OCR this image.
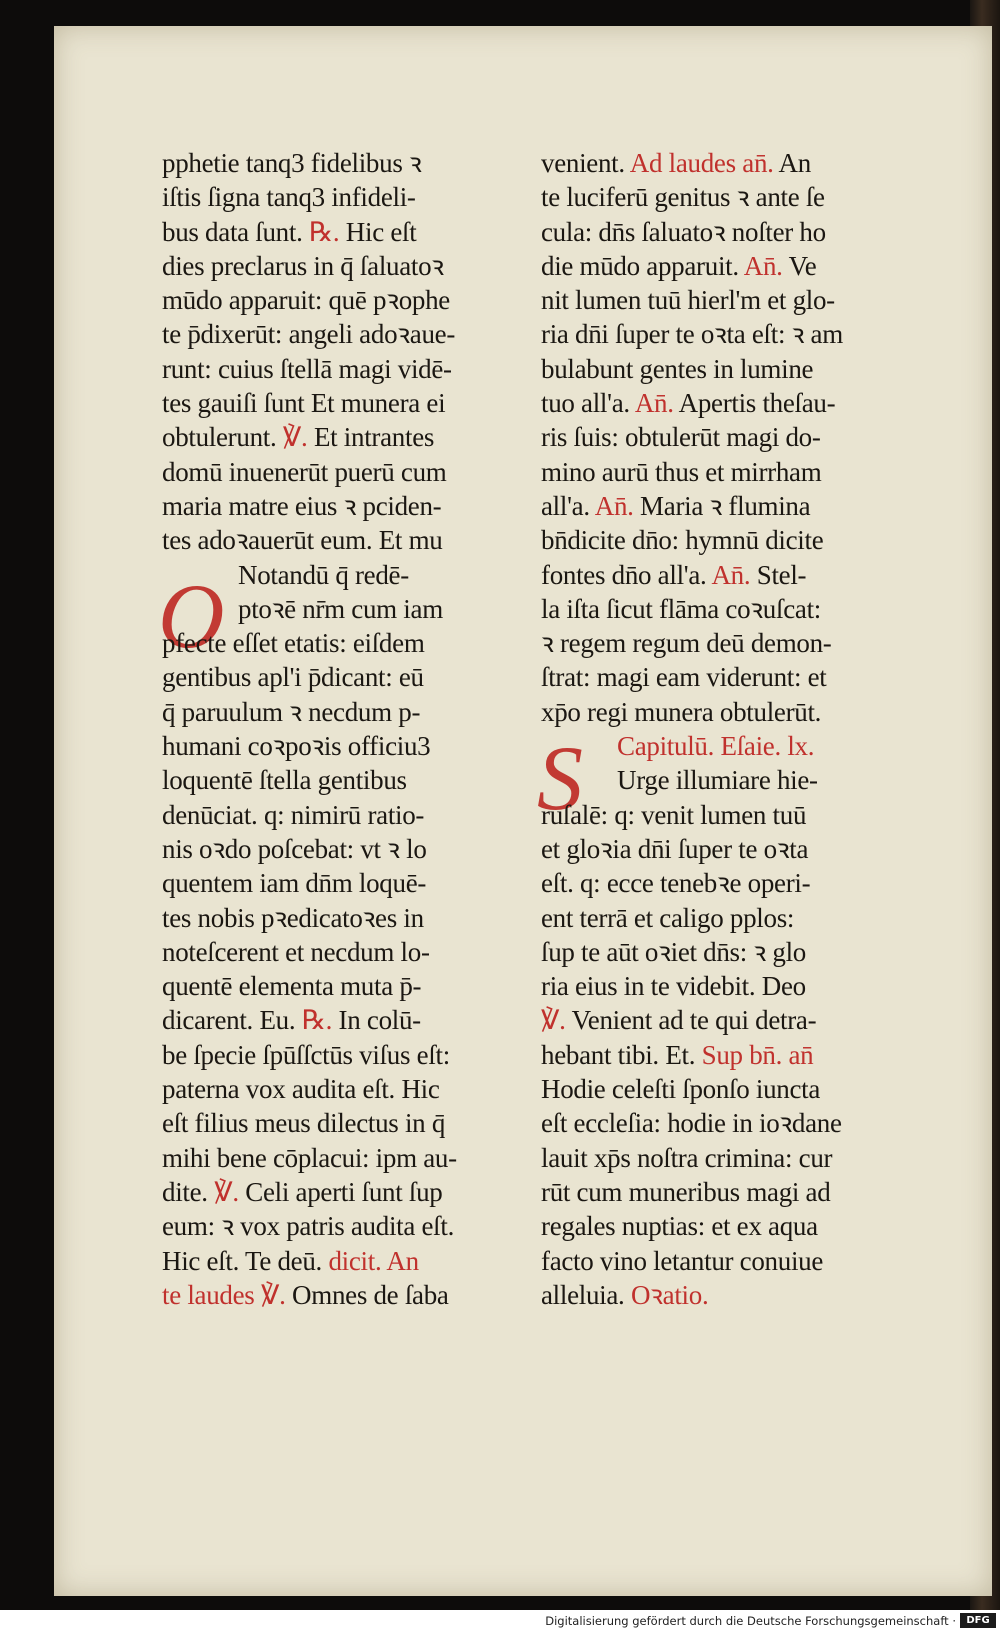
O
S
pphetie tanq3 fidelibus ꝛ
iſtis ſigna tanq3 infideli-
bus data ſunt. ℞. Hic eſt
dies preclarus in q̄ ſaluatoꝛ
mūdo apparuit: quē pꝛophe
te p̄dixerūt: angeli adoꝛaue-
runt: cuius ſtellā magi vidē-
tes gauiſi ſunt Et munera ei
obtulerunt. ℣. Et intrantes
domū inuenerūt puerū cum
maria matre eius ꝛ pciden-
tes adoꝛauerūt eum. Et mu
Notandū q̄ redē-
ptoꝛē nr̄m cum iam
pfecte eſſet etatis: eiſdem
gentibus apl'i p̄dicant: eū
q̄ paruulum ꝛ necdum p-
humani coꝛpoꝛis officiu3
loquentē ſtella gentibus
denūciat. q: nimirū ratio-
nis oꝛdo poſcebat: vt ꝛ lo
quentem iam dn̄m loquē-
tes nobis pꝛedicatoꝛes in
noteſcerent et necdum lo-
quentē elementa muta p̄-
dicarent. Eu. ℞. In colū-
be ſpecie ſpūſſctūs viſus eſt:
paterna vox audita eſt. Hic
eſt filius meus dilectus in q̄
mihi bene cōplacui: ipm au-
dite. ℣. Celi aperti ſunt ſup
eum: ꝛ vox patris audita eſt.
Hic eſt. Te deū. dicit. An
te laudes ℣. Omnes de ſaba
venient. Ad laudes an̄. An
te luciferū genitus ꝛ ante ſe
cula: dn̄s ſaluatoꝛ noſter ho
die mūdo apparuit. An̄. Ve
nit lumen tuū hierl'm et glo-
ria dn̄i ſuper te oꝛta eſt: ꝛ am
bulabunt gentes in lumine
tuo all'a. An̄. Apertis theſau-
ris ſuis: obtulerūt magi do-
mino aurū thus et mirrham
all'a. An̄. Maria ꝛ flumina
bn̄dicite dn̄o: hymnū dicite
fontes dn̄o all'a. An̄. Stel-
la iſta ſicut flāma coꝛuſcat:
ꝛ regem regum deū demon-
ſtrat: magi eam viderunt: et
xp̄o regi munera obtulerūt.
Capitulū. Eſaie. lx.
Urge illumiare hie-
ruſalē: q: venit lumen tuū
et gloꝛia dn̄i ſuper te oꝛta
eſt. q: ecce tenebꝛe operi-
ent terrā et caligo pplos:
ſup te aūt oꝛiet dn̄s: ꝛ glo
ria eius in te videbit. Deo
℣. Venient ad te qui detra-
hebant tibi. Et. Sup bn̄. an̄
Hodie celeſti ſponſo iuncta
eſt eccleſia: hodie in ioꝛdane
lauit xp̄s noſtra crimina: cur
rūt cum muneribus magi ad
regales nuptias: et ex aqua
facto vino letantur conuiue
alleluia. Oꝛatio.
Digitalisierung gefördert durch die Deutsche Forschungsgemeinschaft ·	DFG
